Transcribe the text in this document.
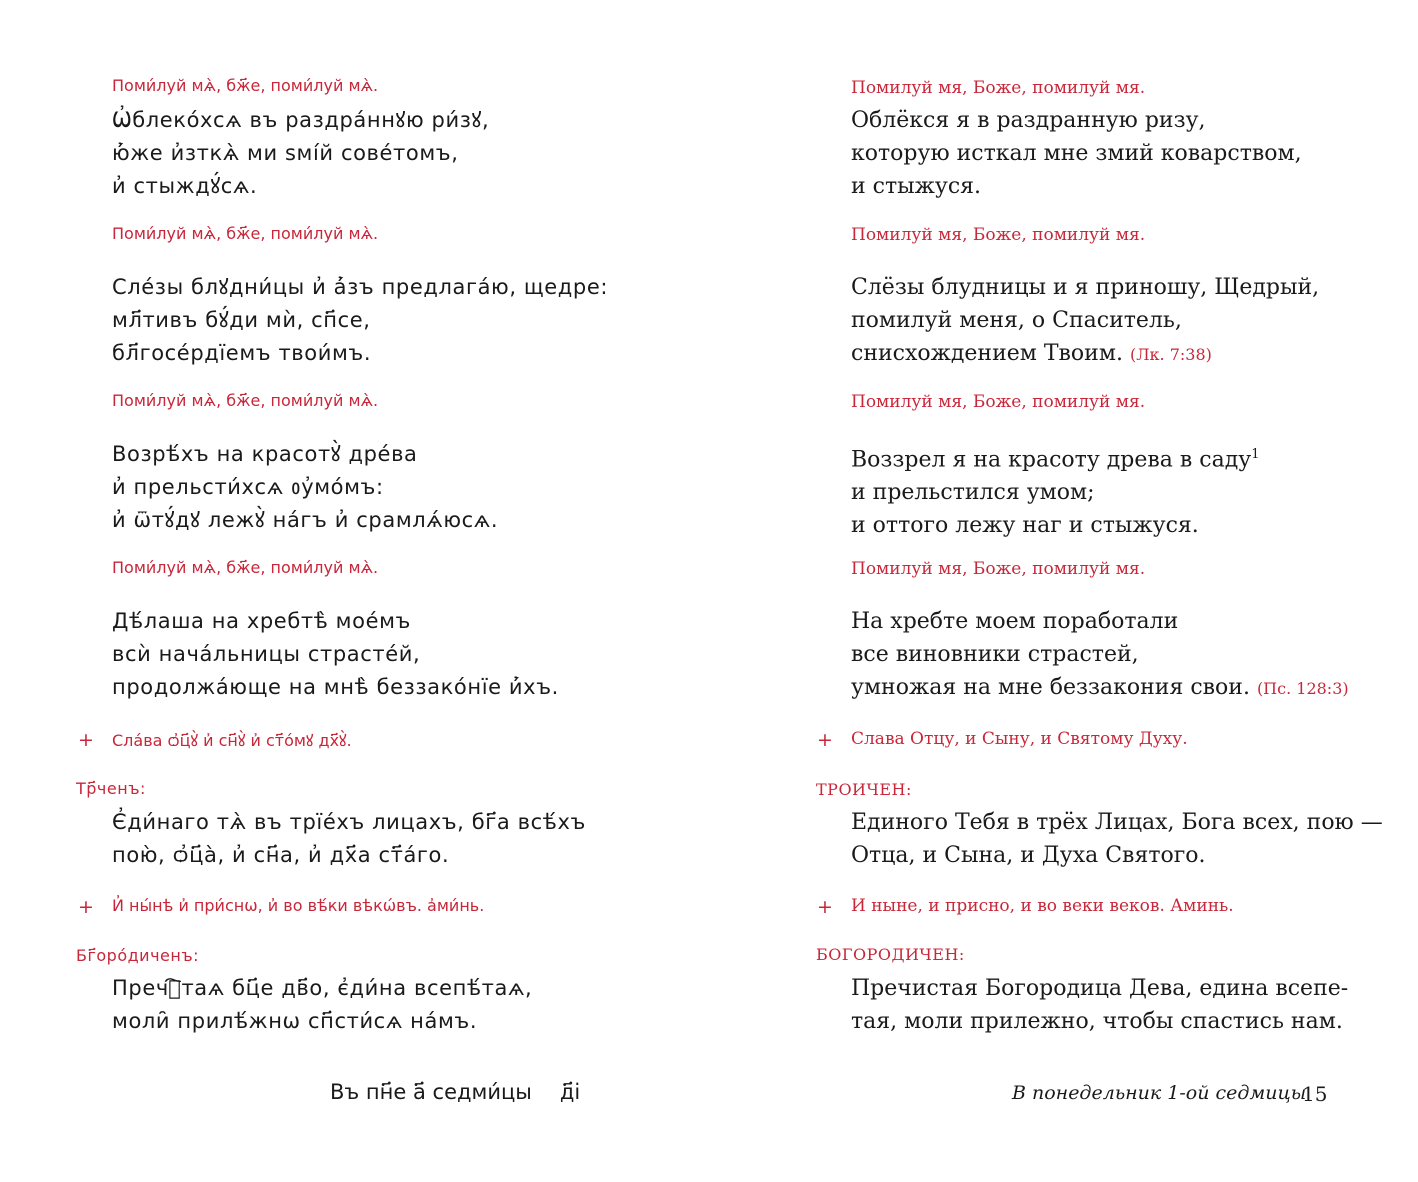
Поми́луй мѧ̀, бж҃е, поми́луй мѧ̀.
Ѡ҆блеко́хсѧ въ раздра́ннꙋю ри́зꙋ,
ю҆́же и҆зткѧ̀ ми ѕмі́й сове́томъ,
и҆ стыждꙋ́сѧ.
Поми́луй мѧ̀, бж҃е, поми́луй мѧ̀.
Сле́зы блꙋдни́цы и҆ а҆́зъ предлага́ю, щедре:
мл҃тивъ бꙋ́ди мѝ, сп҃се,
бл҃госе́рдїемъ твои́мъ.
Поми́луй мѧ̀, бж҃е, поми́луй мѧ̀.
Возрѣ́хъ на красотꙋ̀ дре́ва
и҆ прельсти́хсѧ ᲂу҆мо́мъ:
и҆ ѿтꙋ́дꙋ лежꙋ̀ на́гъ и҆ срамлѧ́юсѧ.
Поми́луй мѧ̀, бж҃е, поми́луй мѧ̀.
Дѣ́лаша на хребтѣ̀ мое́мъ
всѝ нача́льницы страсте́й,
продолжа́юще на мнѣ̀ беззако́нїе и҆́хъ.
Сла́ва ѻ҆ц҃ꙋ̀ и҆ сн҃ꙋ̀ и҆ ст҃о́мꙋ дх҃ꙋ̀.
Є҆ди́наго тѧ̀ въ трїе́хъ лицахъ, бг҃а всѣ́хъ
пою̀, ѻ҆ц҃а̀, и҆ сн҃а, и҆ дх҃а ст҃а́го.
И҆ ны́нѣ и҆ при́снѡ, и҆ во вѣ́ки вѣкѡ́въ. а҆ми́нь.
Пречⷭ҇таѧ бц҃е дв҃о, є҆ди́на всепѣ́таѧ,
моли̑ прилѣ́жнѡ сп҃сти́сѧ на́мъ.
+
Тр҃ченъ:
+
Бг҃оро́диченъ:
Въ пн҃е а҃ седми́цы д҃і
Помилуй мя, Боже, помилуй мя.
Облёкся я в раздранную ризу,
которую исткал мне змий коварством,
и стыжуся.
Помилуй мя, Боже, помилуй мя.
Слёзы блудницы и я приношу, Щедрый,
помилуй меня, о Спаситель,
снисхождением Твоим. (Лк. 7:38)
Помилуй мя, Боже, помилуй мя.
Воззрел я на красоту древа в саду$^1$
и прельстился умом;
и оттого лежу наг и стыжуся.
Помилуй мя, Боже, помилуй мя.
На хребте моем поработали
все виновники страстей,
умножая на мне беззакония свои. (Пс. 128:3)
Слава Отцу, и Сыну, и Святому Духу.
Единого Тебя в трёх Лицах, Бога всех, пою —
Отца, и Сына, и Духа Святого.
И ныне, и присно, и во веки веков. Аминь.
Пречистая Богородица Дева, едина всепе-
тая, моли прилежно, чтобы спастись нам.
+
ТРОИЧЕН:
+
БОГОРОДИЧЕН:
В понедельник 1-ой седмицы
15
